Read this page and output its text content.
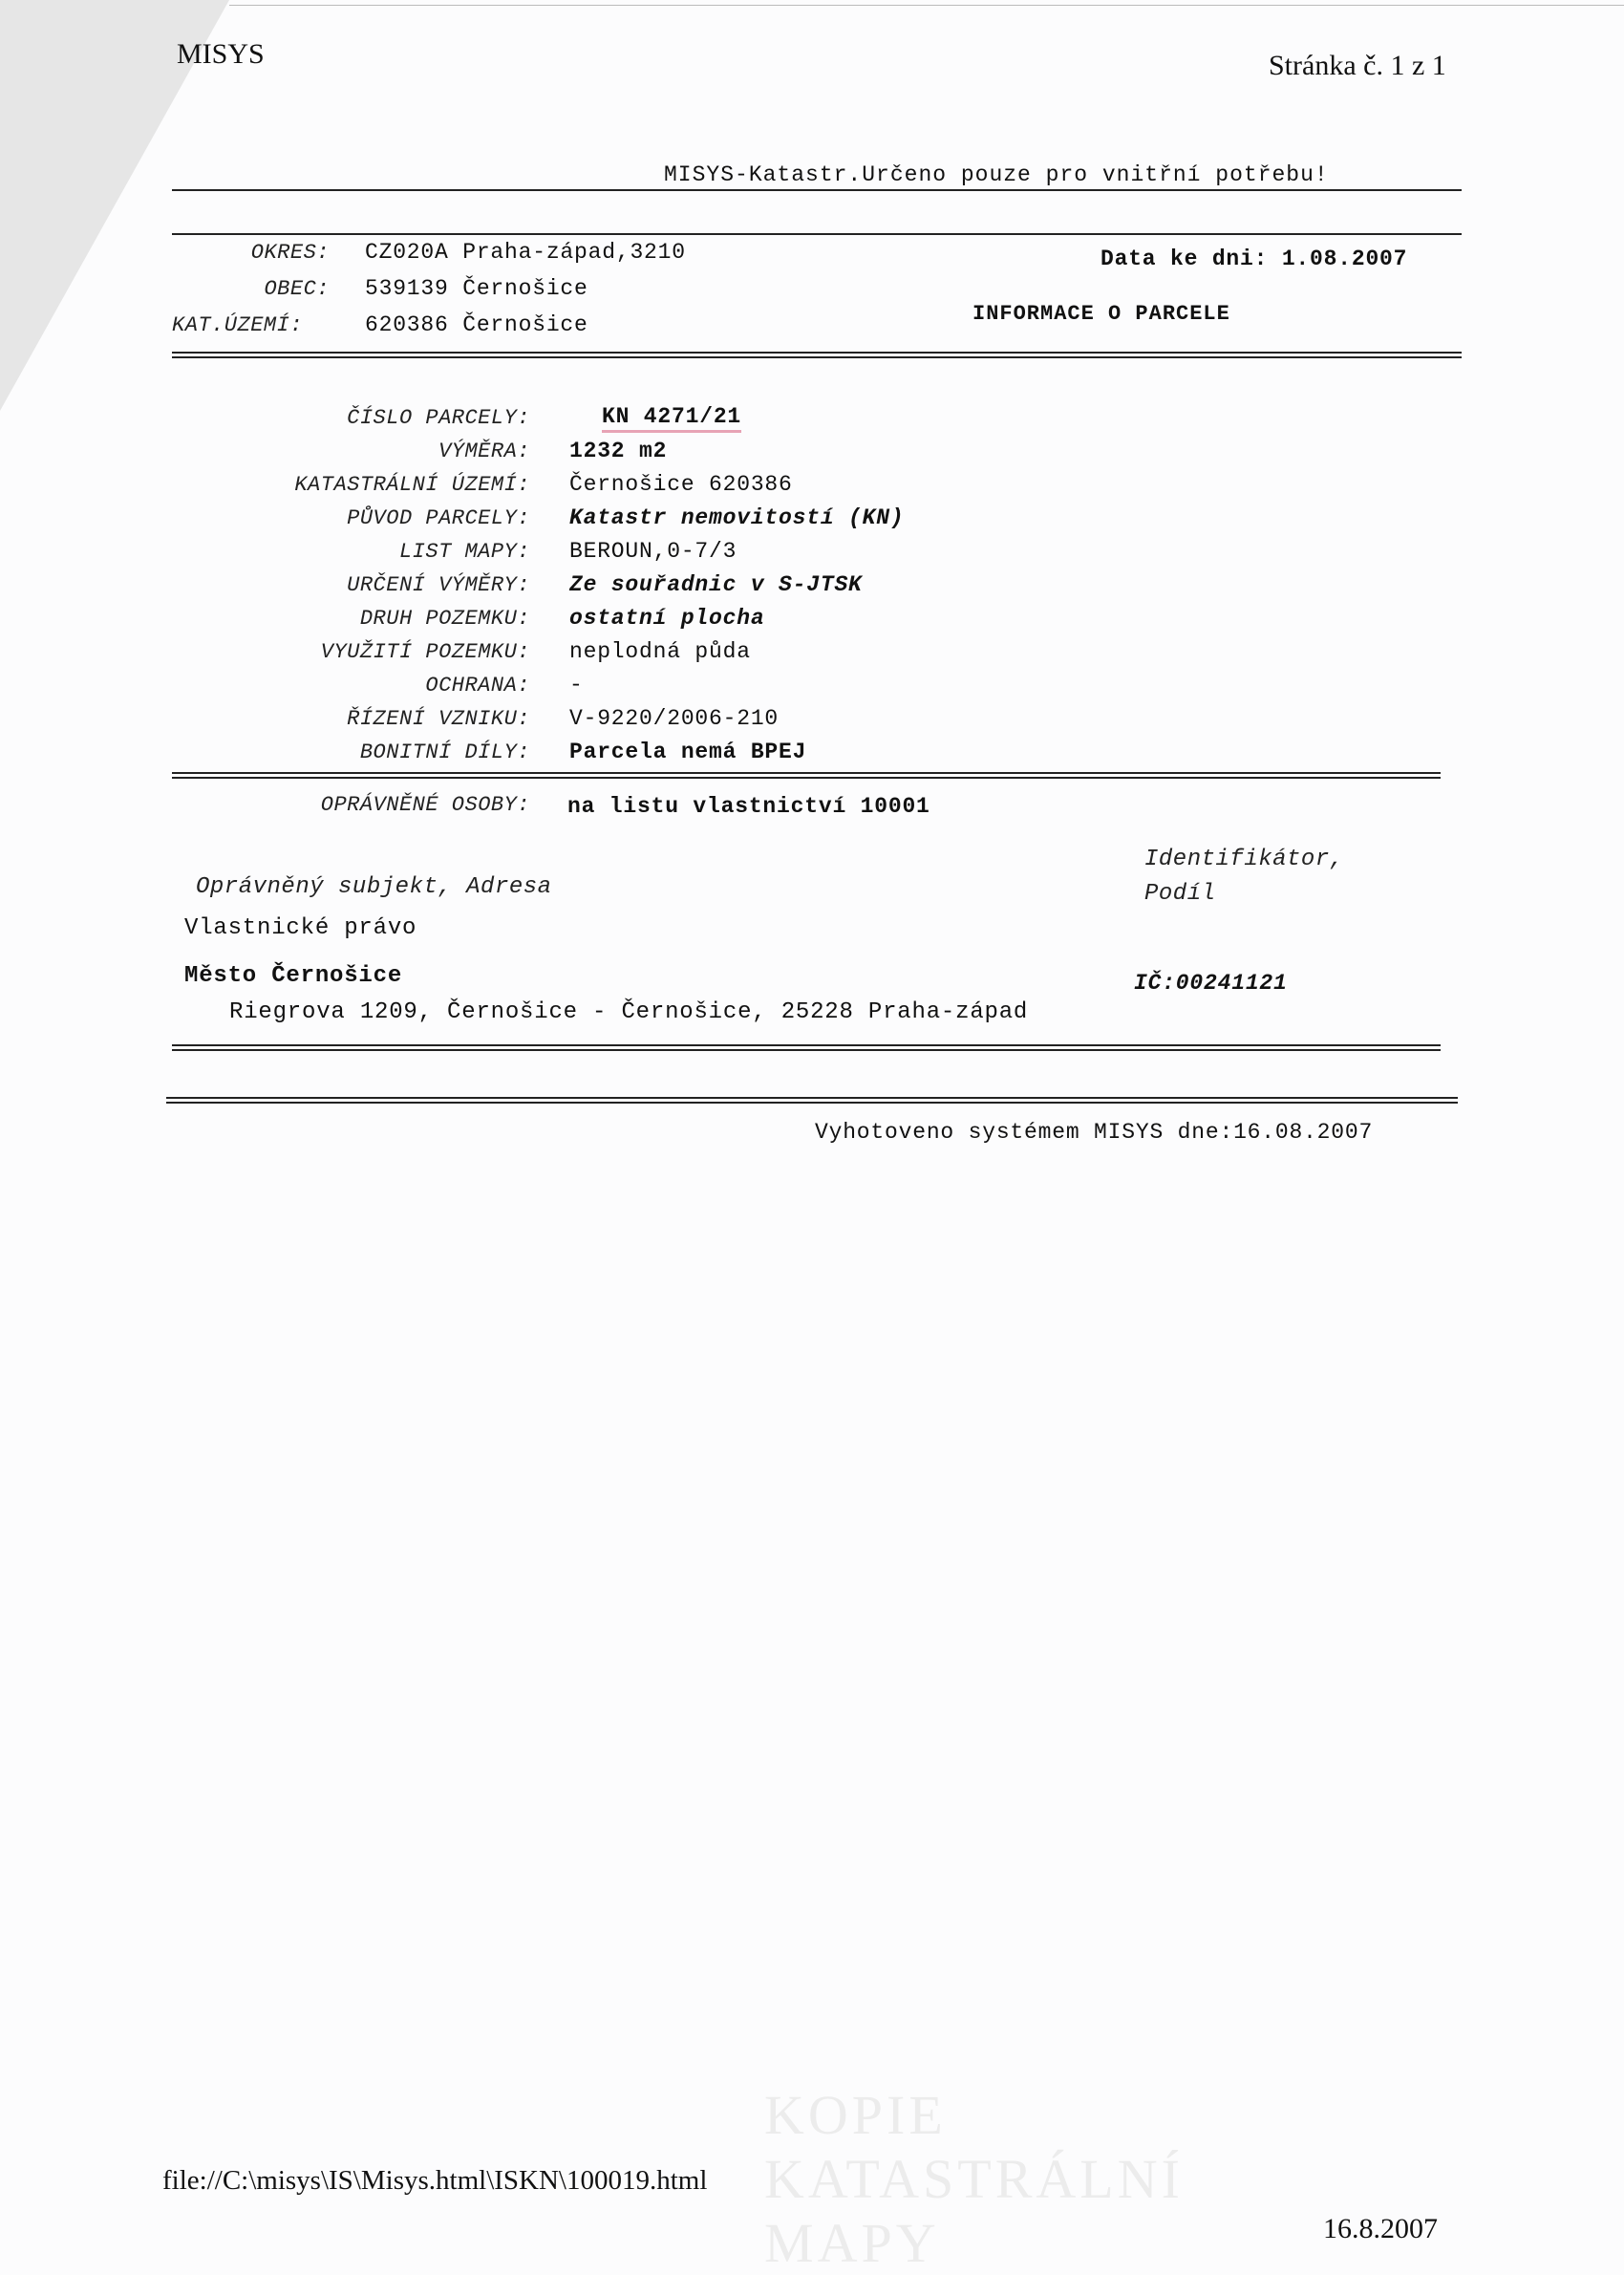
MISYS	Stránka č. 1 z 1
MISYS-Katastr.Určeno pouze pro vnitřní potřebu!
OKRES: CZ020A Praha-západ,3210
OBEC: 539139 Černošice
KAT.ÚZEMÍ:	620386 Černošice
Data ke dni: 1.08.2007
INFORMACE O PARCELE
ČÍSLO PARCELY:	KN 4271/21
VÝMĚRA: 1232 m2
KATASTRÁLNÍ ÚZEMÍ: Černošice 620386
PŮVOD PARCELY: Katastr nemovitostí (KN)
LIST MAPY: BEROUN,0-7/3
URČENÍ VÝMĚRY: Ze souřadnic v S-JTSK
DRUH POZEMKU: ostatní plocha
VYUŽITÍ POZEMKU: neplodná půda
OCHRANA: -
ŘÍZENÍ VZNIKU: V-9220/2006-210
BONITNÍ DÍLY: Parcela nemá BPEJ
OPRÁVNĚNÉ OSOBY: na listu vlastnictví 10001
Oprávněný subjekt, Adresa
Identifikátor,
Podíl
Vlastnické právo
Město Černošice	IČ:00241121
Riegrova 1209, Černošice - Černošice, 25228 Praha-západ
Vyhotoveno systémem MISYS dne:16.08.2007
KOPIE KATASTRÁLNÍ MAPY
file://C:\misys\IS\Misys.html\ISKN\100019.html
16.8.2007
